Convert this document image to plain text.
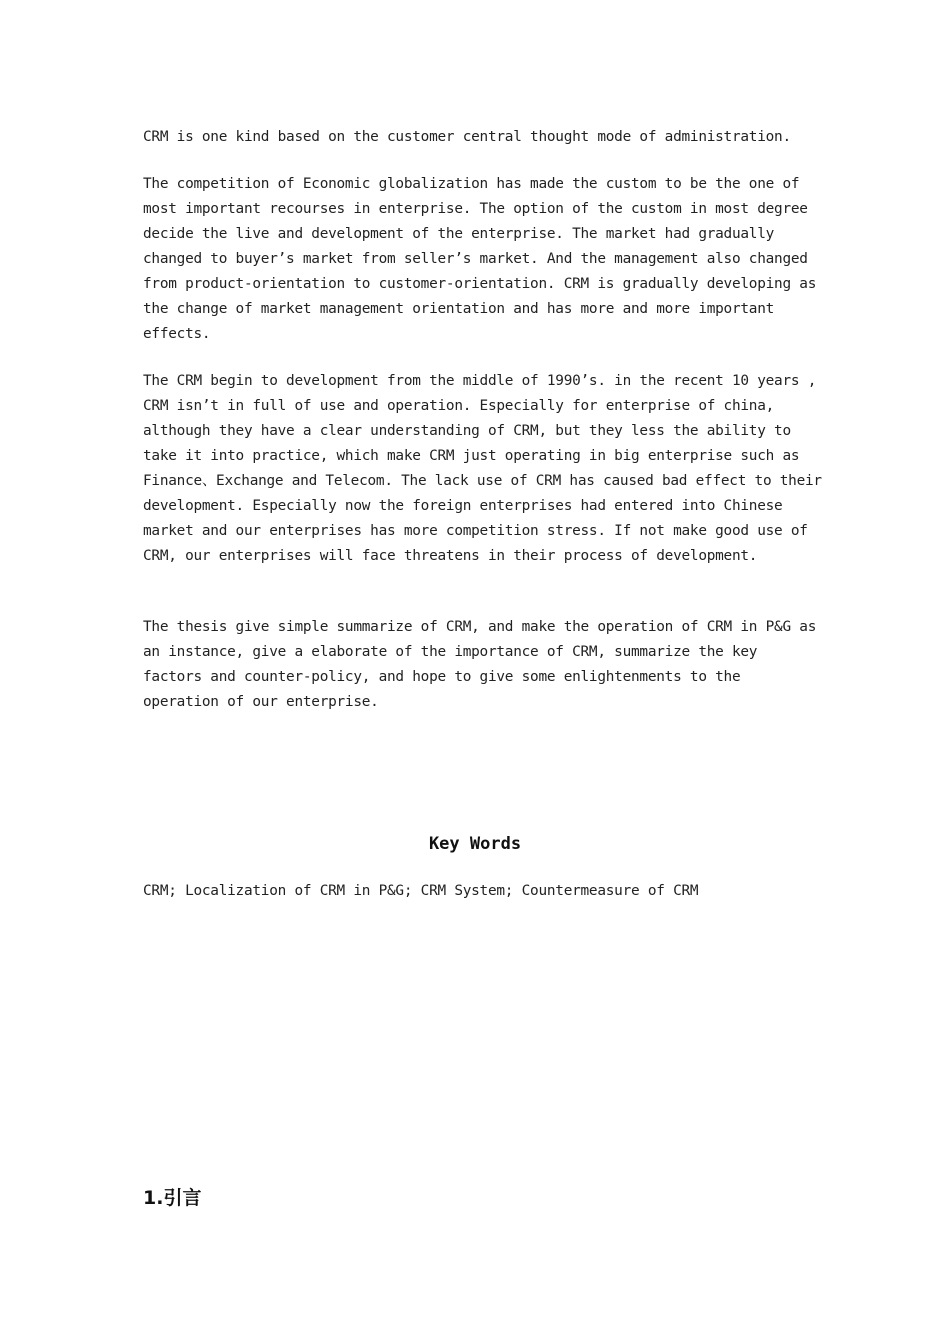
CRM is one kind based on the customer central thought mode of administration.

The competition of Economic globalization has made the custom to be the one of most important recourses in enterprise. The option of the custom in most degree decide the live and development of the enterprise. The market had gradually changed to buyer’s market from seller’s market. And the management also changed from product-orientation to customer-orientation. CRM is gradually developing as the change of market management orientation and has more and more important effects.

The CRM begin to development from the middle of 1990’s. in the recent 10 years , CRM isn’t in full of use and operation. Especially for enterprise of china, although they have a clear understanding of CRM, but they less the ability to take it into practice, which make CRM just operating in big enterprise such as Finance、Exchange and Telecom. The lack use of CRM has caused bad effect to their development. Especially now the foreign enterprises had entered into Chinese market and our enterprises has more competition stress. If not make good use of CRM, our enterprises will face threatens in their process of development.

The thesis give simple summarize of CRM, and make the operation of CRM in P&G as an instance, give a elaborate of the importance of CRM, summarize the key factors and counter-policy, and hope to give some enlightenments to the operation of our enterprise.

Key Words

CRM; Localization of CRM in P&G; CRM System; Countermeasure of CRM

1.引言
